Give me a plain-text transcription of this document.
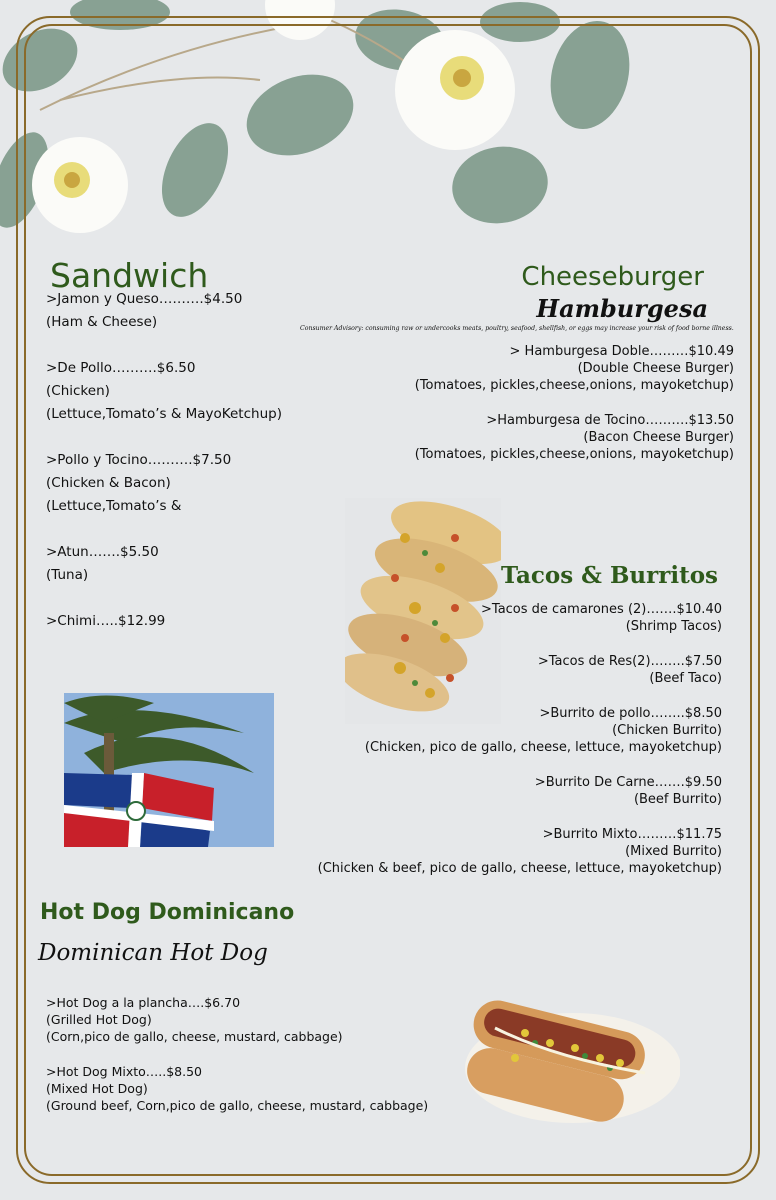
Sandwich
>Jamon y Queso……….$4.50
(Ham & Cheese)
>De Pollo……….$6.50
(Chicken)
(Lettuce,Tomato’s & MayoKetchup)
>Pollo y Tocino……….$7.50
(Chicken & Bacon)
(Lettuce,Tomato’s &
>Atun…….$5.50
(Tuna)
>Chimi…..$12.99
Cheeseburger
Hamburgesa
Consumer Advisory: consuming raw or undercooks meats, poultry, seafood, shellfish, or eggs may increase your risk of food borne illness.
> Hamburgesa Doble………$10.49
(Double Cheese Burger)
(Tomatoes, pickles,cheese,onions, mayoketchup)
>Hamburgesa de Tocino……….$13.50
(Bacon Cheese Burger)
(Tomatoes, pickles,cheese,onions, mayoketchup)
Tacos & Burritos
>Tacos de camarones (2)…….$10.40
(Shrimp Tacos)
>Tacos de Res(2)……..$7.50
(Beef Taco)
>Burrito de pollo……..$8.50
(Chicken Burrito)
(Chicken, pico de gallo, cheese, lettuce, mayoketchup)
>Burrito De Carne…….$9.50
(Beef Burrito)
>Burrito Mixto………$11.75
(Mixed Burrito)
(Chicken & beef, pico de gallo, cheese, lettuce, mayoketchup)
Hot Dog Dominicano
Dominican Hot Dog
>Hot Dog a la plancha….$6.70
(Grilled Hot Dog)
(Corn,pico de gallo, cheese, mustard, cabbage)
>Hot Dog Mixto…..$8.50
(Mixed Hot Dog)
(Ground beef, Corn,pico de gallo, cheese, mustard, cabbage)
